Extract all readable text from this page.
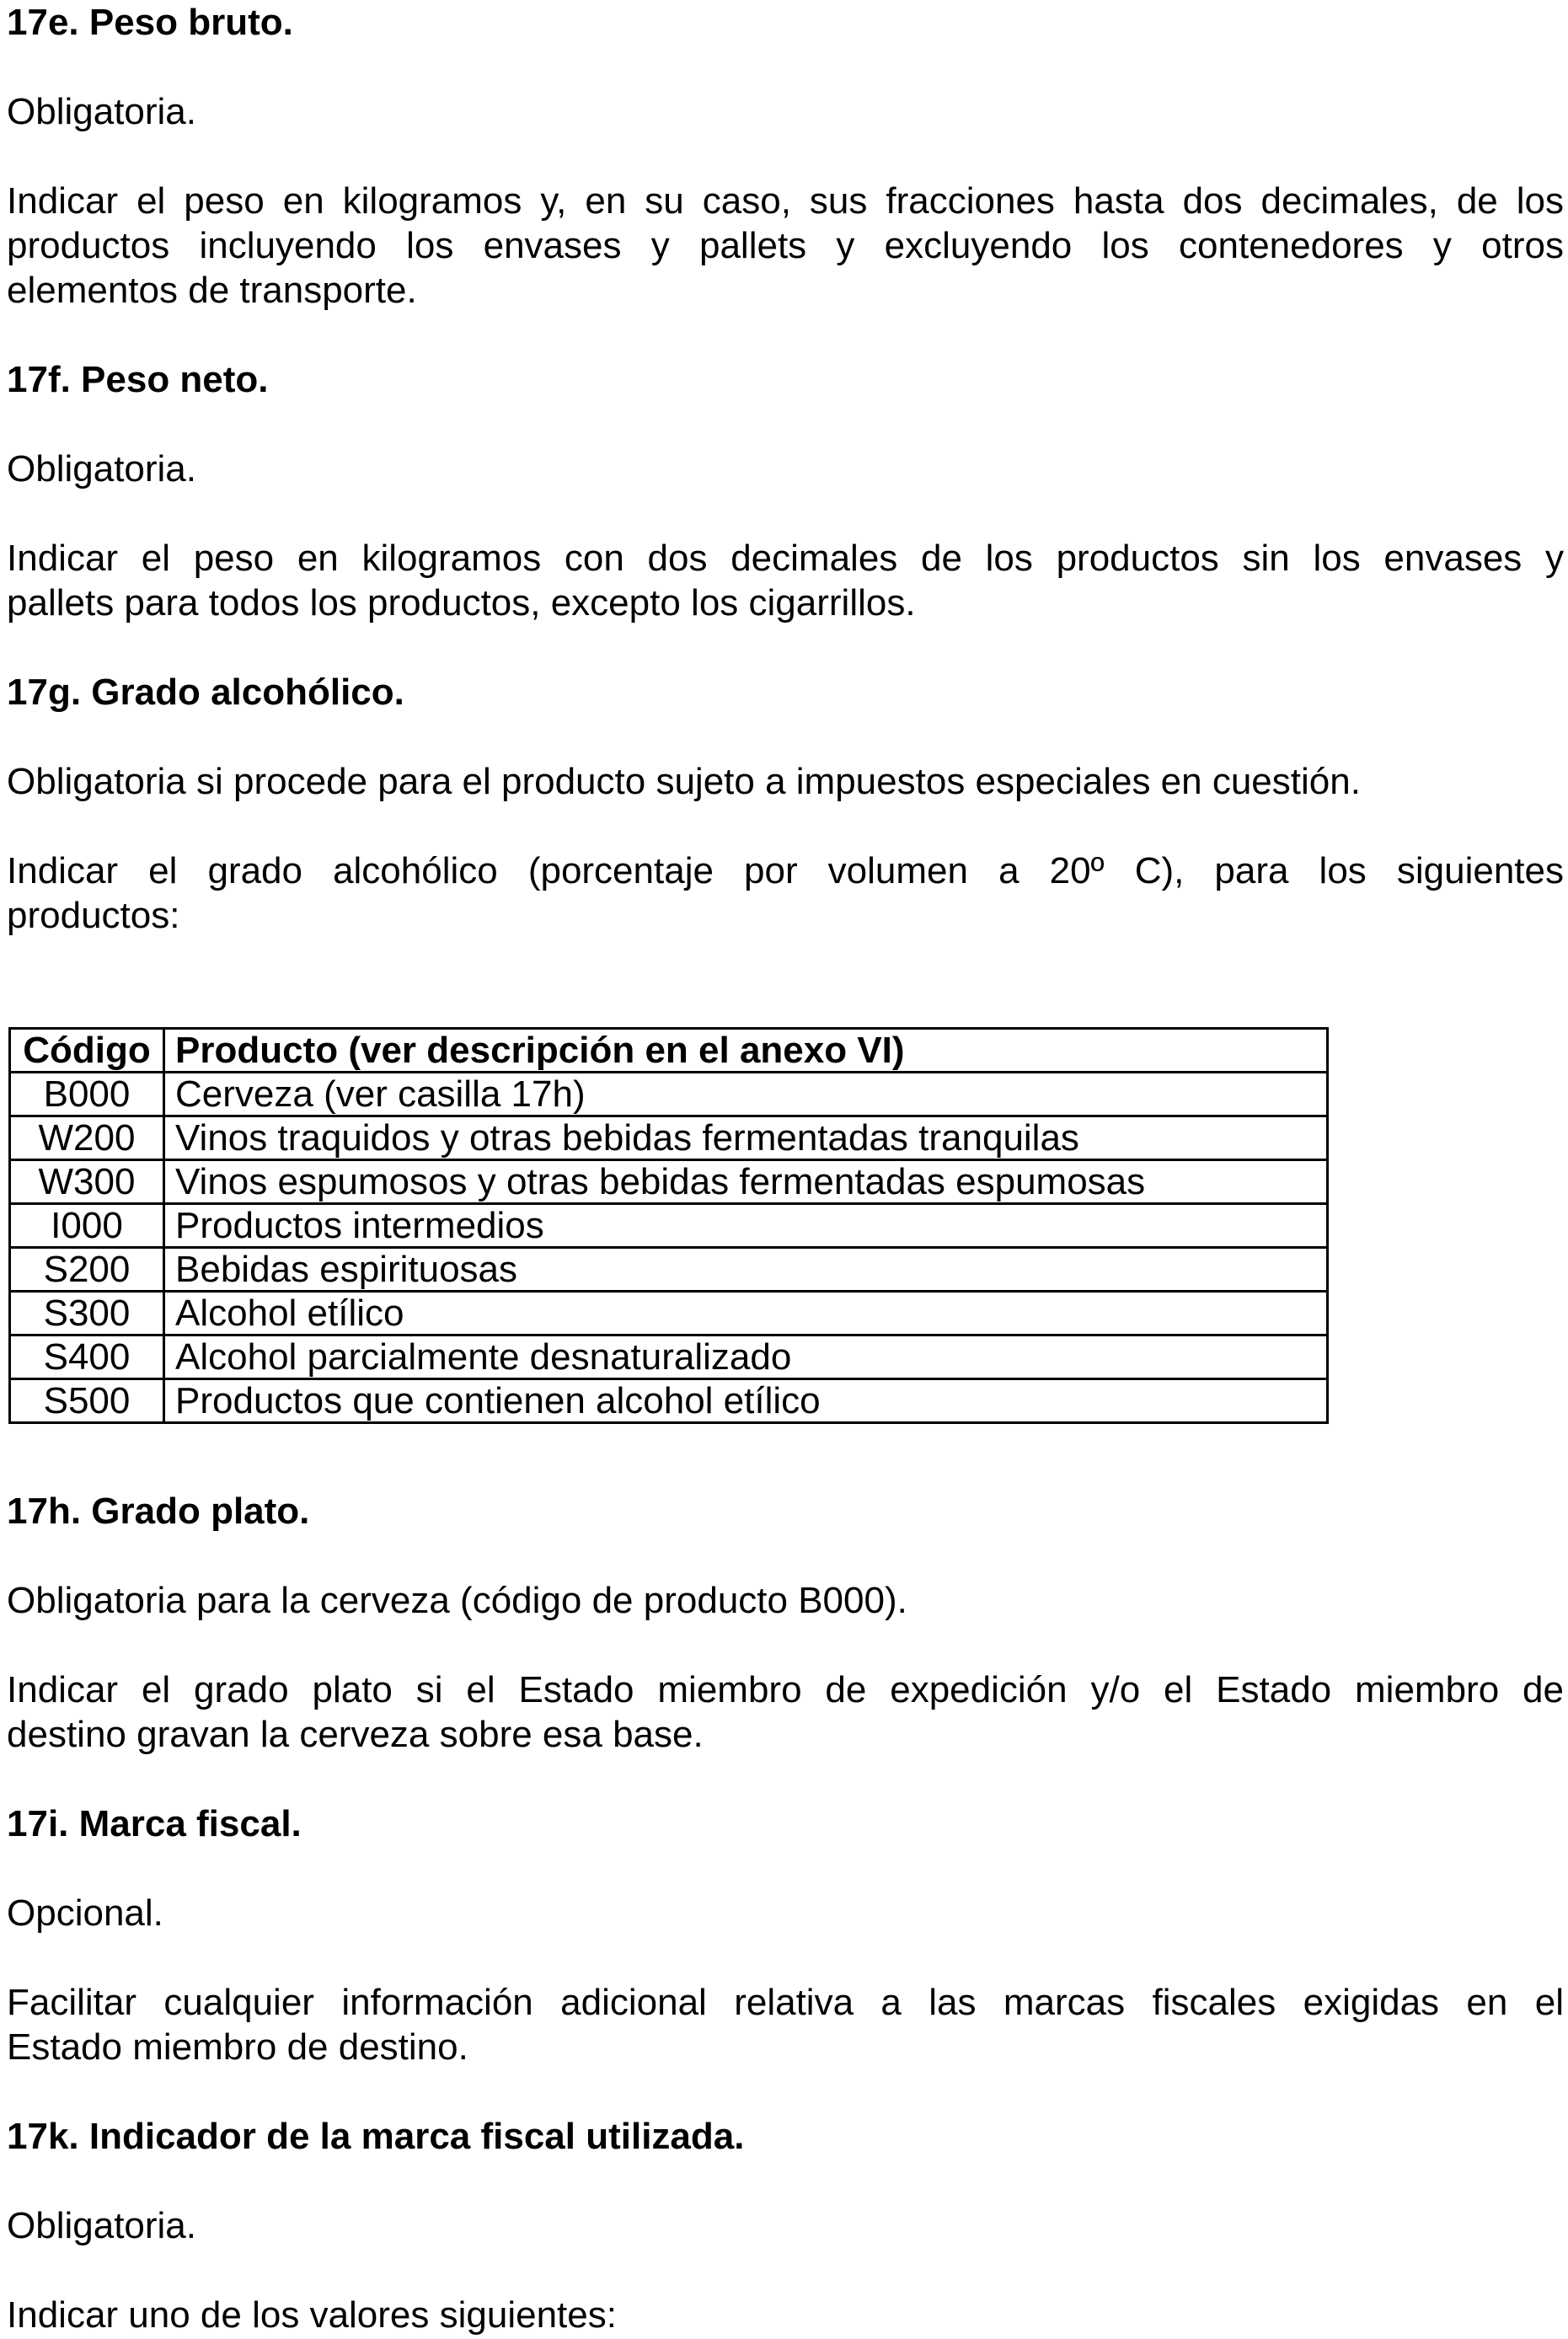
17e. Peso bruto.
Obligatoria.
Indicar el peso en kilogramos y, en su caso, sus fracciones hasta dos decimales, de los
productos incluyendo los envases y pallets y excluyendo los contenedores y otros
elementos de transporte.
17f. Peso neto.
Obligatoria.
Indicar el peso en kilogramos con dos decimales de los productos sin los envases y
pallets para todos los productos, excepto los cigarrillos.
17g. Grado alcohólico.
Obligatoria si procede para el producto sujeto a impuestos especiales en cuestión.
Indicar el grado alcohólico (porcentaje por volumen a 20º C), para los siguientes
productos:
Código	Producto (ver descripción en el anexo VI)
B000	Cerveza (ver casilla 17h)
W200	Vinos traquidos y otras bebidas fermentadas tranquilas
W300	Vinos espumosos y otras bebidas fermentadas espumosas
I000	Productos intermedios
S200	Bebidas espirituosas
S300	Alcohol etílico
S400	Alcohol parcialmente desnaturalizado
S500	Productos que contienen alcohol etílico
17h. Grado plato.
Obligatoria para la cerveza (código de producto B000).
Indicar el grado plato si el Estado miembro de expedición y/o el Estado miembro de
destino gravan la cerveza sobre esa base.
17i. Marca fiscal.
Opcional.
Facilitar cualquier información adicional relativa a las marcas fiscales exigidas en el
Estado miembro de destino.
17k. Indicador de la marca fiscal utilizada.
Obligatoria.
Indicar uno de los valores siguientes:
